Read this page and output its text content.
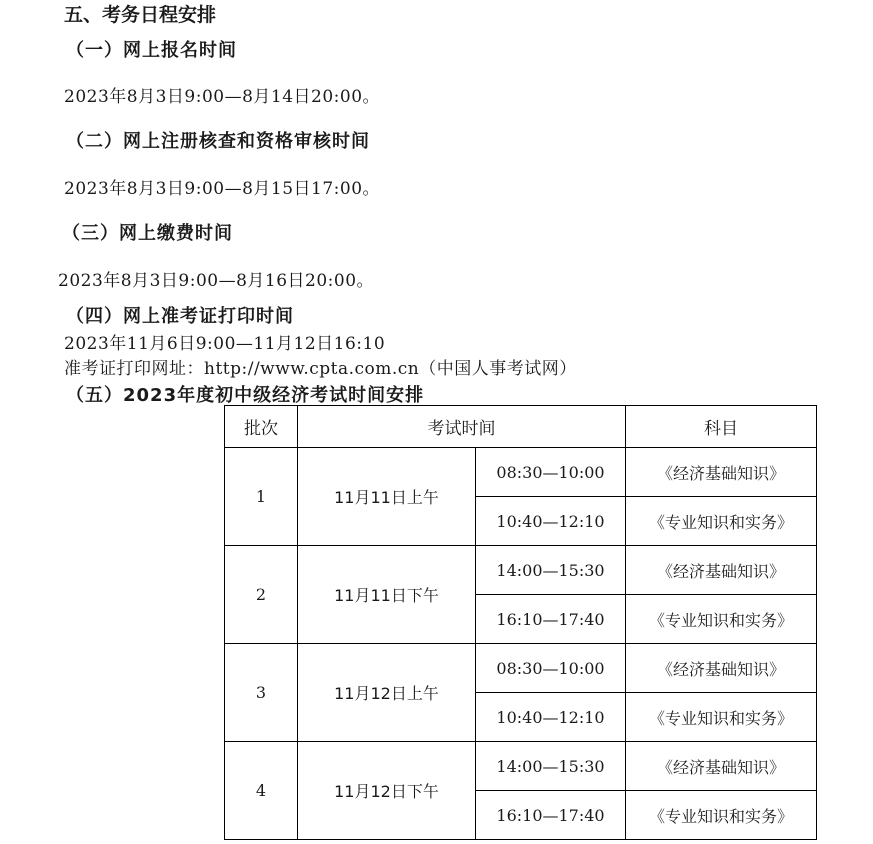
五、考务日程安排
（一）网上报名时间
2023年8月3日9:00—8月14日20:00。
（二）网上注册核查和资格审核时间
2023年8月3日9:00—8月15日17:00。
（三）网上缴费时间
2023年8月3日9:00—8月16日20:00。
（四）网上准考证打印时间
2023年11月6日9:00—11月12日16:10
准考证打印网址：http://www.cpta.com.cn（中国人事考试网）
（五）2023年度初中级经济考试时间安排
批次	考试时间		科目
1	11月11日上午	08:30—10:00	《经济基础知识》
		10:40—12:10	《专业知识和实务》
2	11月11日下午	14:00—15:30	《经济基础知识》
		16:10—17:40	《专业知识和实务》
3	11月12日上午	08:30—10:00	《经济基础知识》
		10:40—12:10	《专业知识和实务》
4	11月12日下午	14:00—15:30	《经济基础知识》
		16:10—17:40	《专业知识和实务》
